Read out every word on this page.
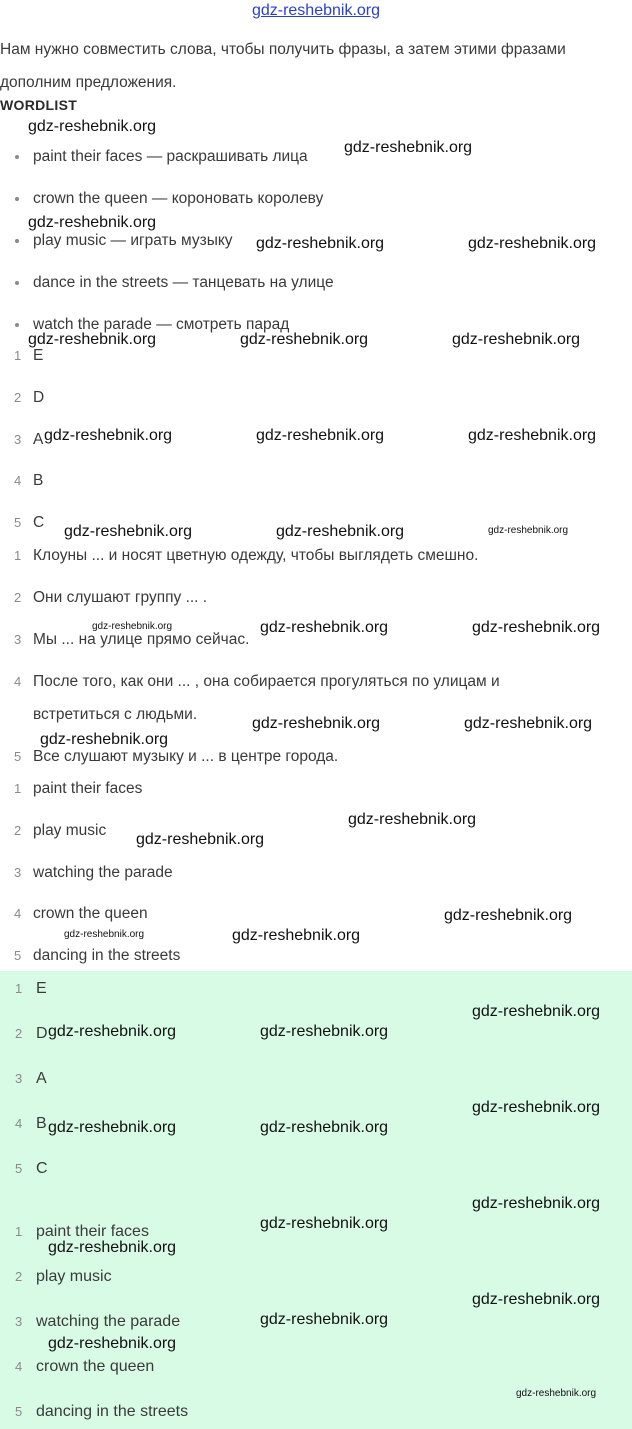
gdz-reshebnik.org
Нам нужно совместить слова, чтобы получить фразы, а затем этими фразами дополним предложения.
WORDLIST
paint their faces — раскрашивать лица
crown the queen — короновать королеву
play music — играть музыку
dance in the streets — танцевать на улице
watch the parade — смотреть парад
1 E
2 D
3 A
4 B
5 C
1 Клоуны ... и носят цветную одежду, чтобы выглядеть смешно.
2 Они слушают группу ... .
3 Мы ... на улице прямо сейчас.
4 После того, как они ... , она собирается прогуляться по улицам и
встретиться с людьми.
5 Все слушают музыку и ... в центре города.
1 paint their faces
2 play music
3 watching the parade
4 crown the queen
5 dancing in the streets
1 E
2 D
3 A
4 B
5 C
1 paint their faces
2 play music
3 watching the parade
4 crown the queen
5 dancing in the streets
gdz-reshebnik.org
gdz-reshebnik.org
gdz-reshebnik.org
gdz-reshebnik.org	gdz-reshebnik.org
gdz-reshebnik.org	gdz-reshebnik.org	gdz-reshebnik.org
gdz-reshebnik.org	gdz-reshebnik.org	gdz-reshebnik.org
gdz-reshebnik.org	gdz-reshebnik.org	gdz-reshebnik.org
gdz-reshebnik.org	gdz-reshebnik.org	gdz-reshebnik.org
gdz-reshebnik.org	gdz-reshebnik.org
gdz-reshebnik.org
gdz-reshebnik.org
gdz-reshebnik.org
gdz-reshebnik.org
gdz-reshebnik.org	gdz-reshebnik.org
gdz-reshebnik.org
gdz-reshebnik.org	gdz-reshebnik.org
gdz-reshebnik.org
gdz-reshebnik.org	gdz-reshebnik.org
gdz-reshebnik.org
gdz-reshebnik.org
gdz-reshebnik.org
gdz-reshebnik.org
gdz-reshebnik.org
gdz-reshebnik.org
gdz-reshebnik.org
